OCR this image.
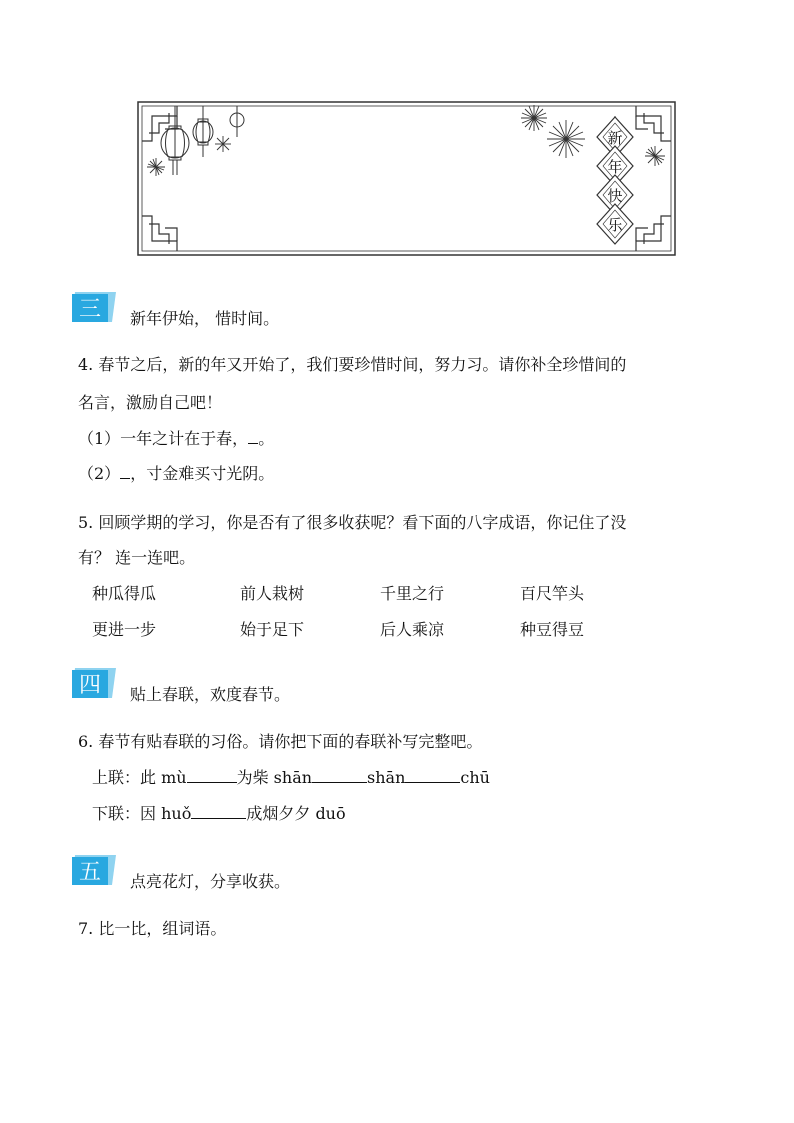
新
年
快
乐
三 新年伊始， 惜时间。
4. 春节之后，新的年又开始了，我们要珍惜时间，努力习。请你补全珍惜间的
名言，激励自己吧！
（1）一年之计在于春， 。
（2） ，寸金难买寸光阴。
5. 回顾学期的学习，你是否有了很多收获呢？看下面的八字成语，你记住了没
有？ 连一连吧。
种瓜得瓜	前人栽树	千里之行	百尺竿头
更进一步	始于足下	后人乘凉	种豆得豆
四 贴上春联，欢度春节。
6. 春节有贴春联的习俗。请你把下面的春联补写完整吧。
上联：此 mù	为柴 shān	shān	chū
下联：因 huǒ	成烟夕夕 duō
五 点亮花灯，分享收获。
7. 比一比，组词语。
